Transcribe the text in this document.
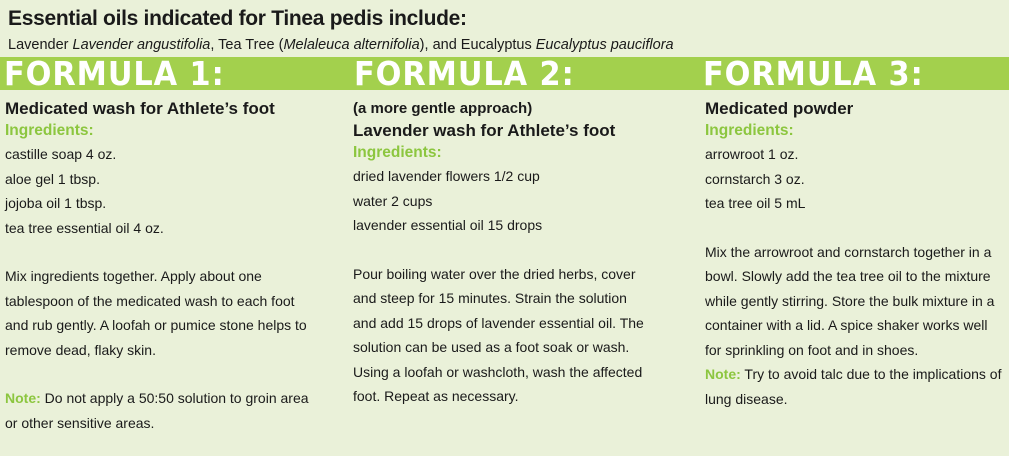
Essential oils indicated for Tinea pedis include:

Lavender Lavender angustifolia, Tea Tree (Melaleuca alternifolia), and Eucalyptus Eucalyptus pauciflora

FORMULA 1:	FORMULA 2:	FORMULA 3:
Medicated wash for Athlete’s foot
Ingredients:
castille soap 4 oz.
aloe gel 1 tbsp.
jojoba oil 1 tbsp.
tea tree essential oil 4 oz.

Mix ingredients together. Apply about one tablespoon of the medicated wash to each foot and rub gently. A loofah or pumice stone helps to remove dead, flaky skin.

Note: Do not apply a 50:50 solution to groin area or other sensitive areas.

(a more gentle approach)
Lavender wash for Athlete’s foot
Ingredients:
dried lavender flowers 1/2 cup
water 2 cups
lavender essential oil 15 drops

Pour boiling water over the dried herbs, cover and steep for 15 minutes. Strain the solution and add 15 drops of lavender essential oil. The solution can be used as a foot soak or wash. Using a loofah or washcloth, wash the affected foot. Repeat as necessary.

Medicated powder
Ingredients:
arrowroot 1 oz.
cornstarch 3 oz.
tea tree oil 5 mL

Mix the arrowroot and cornstarch together in a bowl. Slowly add the tea tree oil to the mixture while gently stirring. Store the bulk mixture in a container with a lid. A spice shaker works well for sprinkling on foot and in shoes.

Note: Try to avoid talc due to the implications of lung disease.
